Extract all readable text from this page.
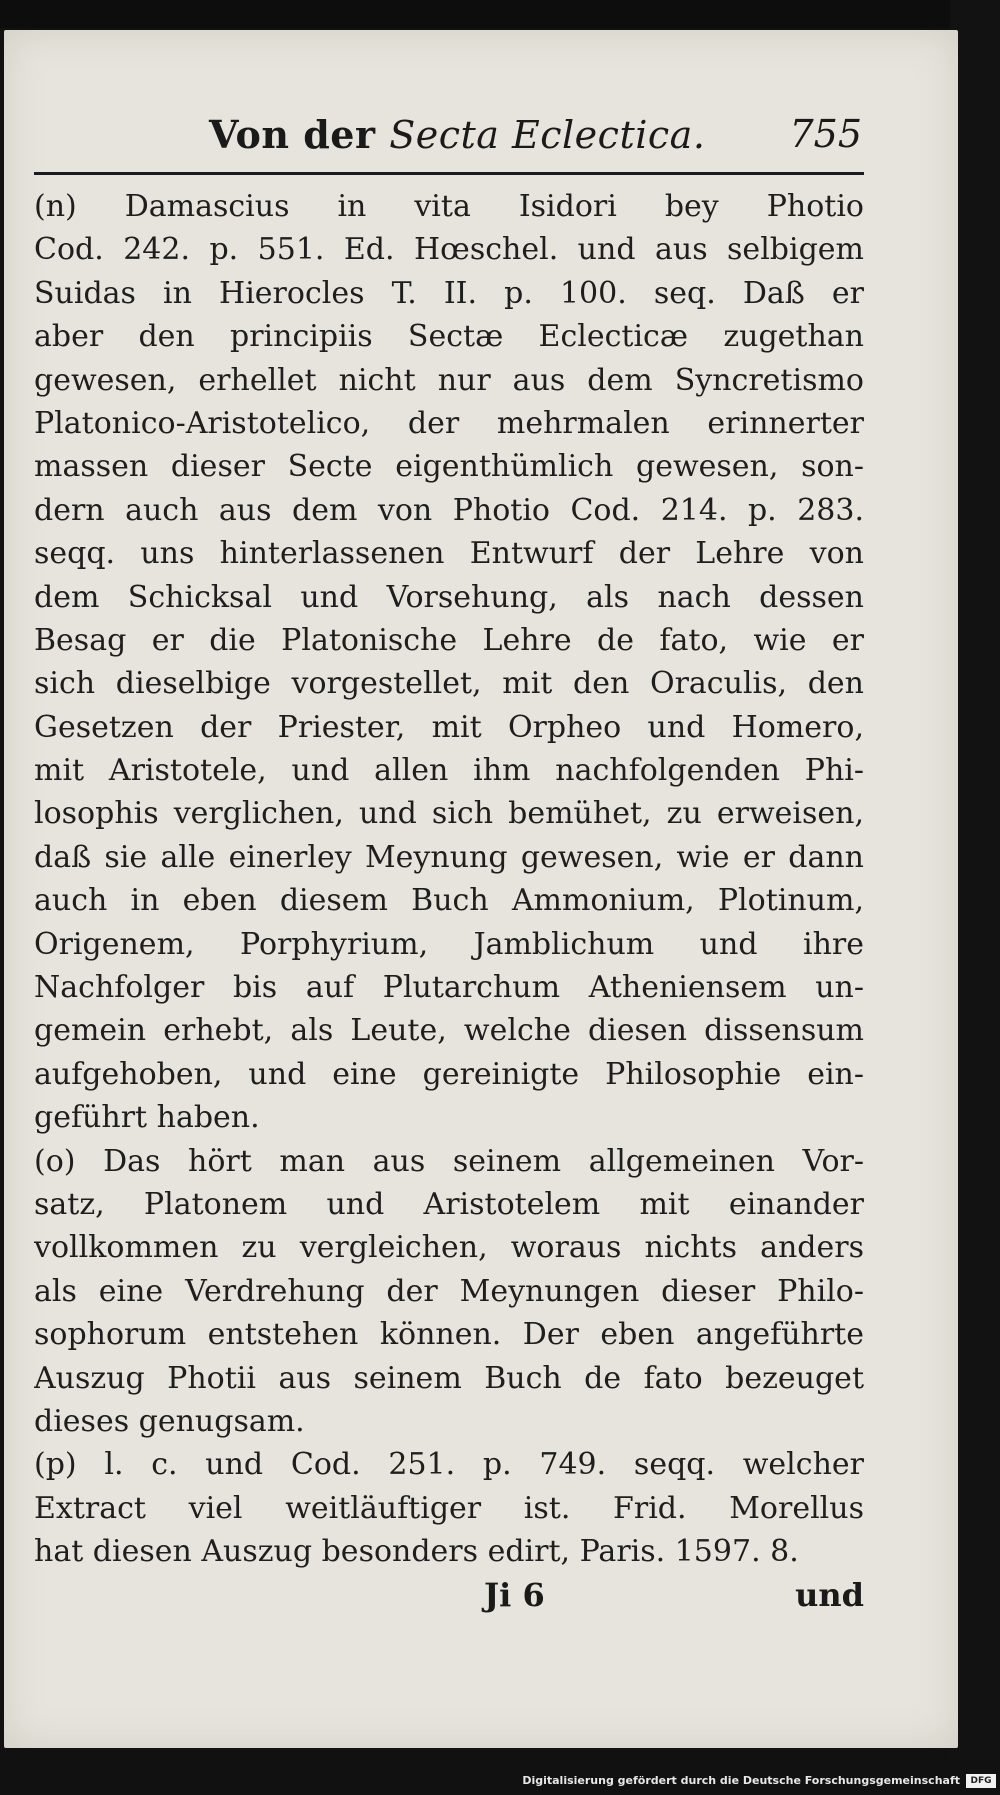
Von der Secta Eclectica. 755
(n) Damascius in vita Isidori bey Photio
Cod. 242. p. 551. Ed. Hœschel. und aus selbigem
Suidas in Hierocles T. II. p. 100. seq. Daß er
aber den principiis Sectæ Eclecticæ zugethan
gewesen, erhellet nicht nur aus dem Syncretismo
Platonico-Aristotelico, der mehrmalen erinnerter
massen dieser Secte eigenthümlich gewesen, son-
dern auch aus dem von Photio Cod. 214. p. 283.
seqq. uns hinterlassenen Entwurf der Lehre von
dem Schicksal und Vorsehung, als nach dessen
Besag er die Platonische Lehre de fato, wie er
sich dieselbige vorgestellet, mit den Oraculis, den
Gesetzen der Priester, mit Orpheo und Homero,
mit Aristotele, und allen ihm nachfolgenden Phi-
losophis verglichen, und sich bemühet, zu erweisen,
daß sie alle einerley Meynung gewesen, wie er dann
auch in eben diesem Buch Ammonium, Plotinum,
Origenem, Porphyrium, Jamblichum und ihre
Nachfolger bis auf Plutarchum Atheniensem un-
gemein erhebt, als Leute, welche diesen dissensum
aufgehoben, und eine gereinigte Philosophie ein-
geführt haben.
(o) Das hört man aus seinem allgemeinen Vor-
satz, Platonem und Aristotelem mit einander
vollkommen zu vergleichen, woraus nichts anders
als eine Verdrehung der Meynungen dieser Philo-
sophorum entstehen können. Der eben angeführte
Auszug Photii aus seinem Buch de fato bezeuget
dieses genugsam.
(p) l. c. und Cod. 251. p. 749. seqq. welcher
Extract viel weitläuftiger ist. Frid. Morellus
hat diesen Auszug besonders edirt, Paris. 1597. 8.
Ji 6	und
Digitalisierung gefördert durch die Deutsche Forschungsgemeinschaft	DFG
